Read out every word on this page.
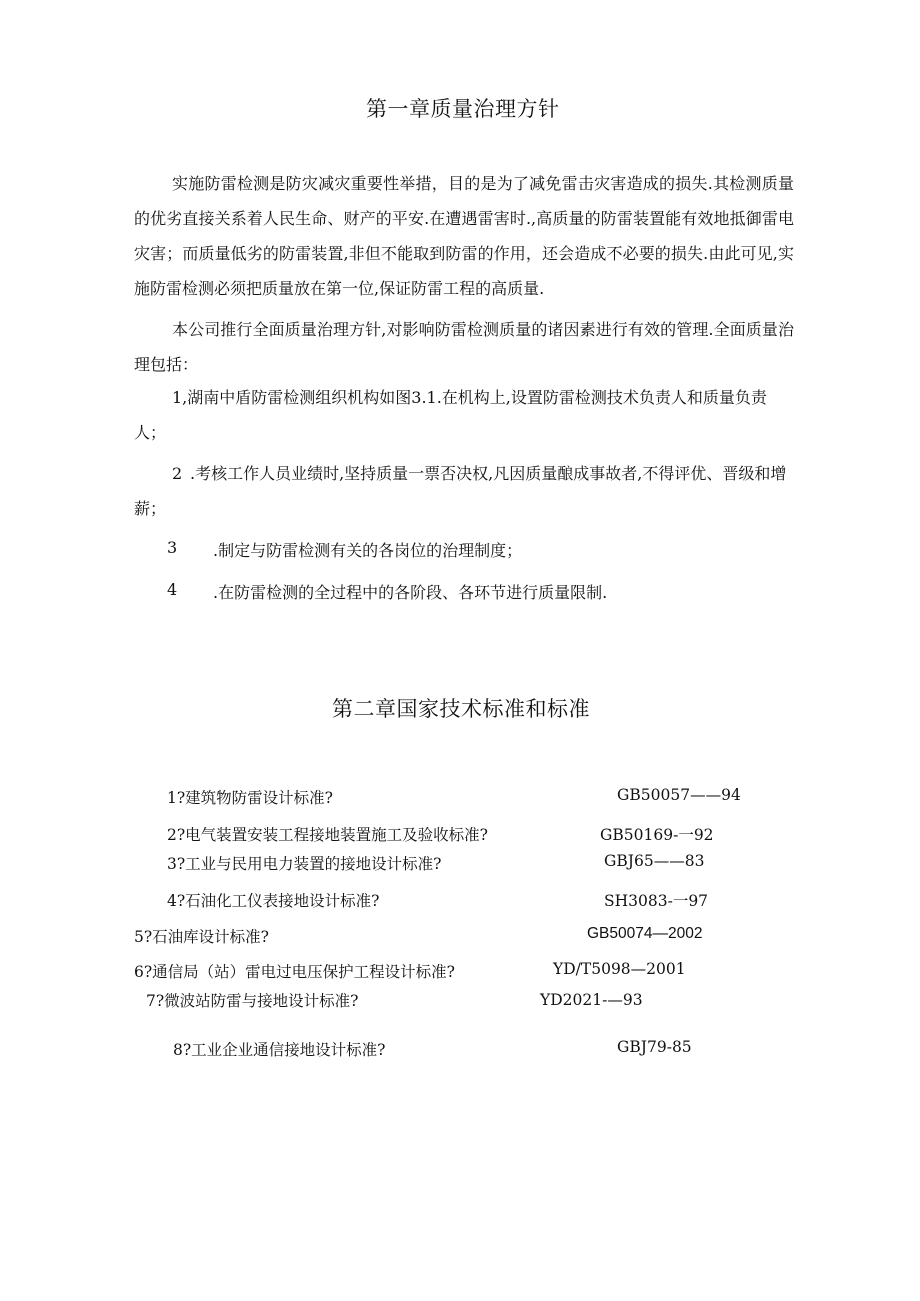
第一章质量治理方针
实施防雷检测是防灾减灾重要性举措，目的是为了减免雷击灾害造成的损失.其检测质量的优劣直接关系着人民生命、财产的平安.在遭遇雷害时.,高质量的防雷装置能有效地抵御雷电灾害；而质量低劣的防雷装置,非但不能取到防雷的作用，还会造成不必要的损失.由此可见,实施防雷检测必须把质量放在第一位,保证防雷工程的高质量.
本公司推行全面质量治理方针,对影响防雷检测质量的诸因素进行有效的管理.全面质量治理包括：
1,湖南中盾防雷检测组织机构如图3.1.在机构上,设置防雷检测技术负责人和质量负责人；
2 .考核工作人员业绩时,坚持质量一票否决权,凡因质量酿成事故者,不得评优、晋级和增薪；
3 .制定与防雷检测有关的各岗位的治理制度；
4 .在防雷检测的全过程中的各阶段、各环节进行质量限制.
第二章国家技术标准和标准
1?建筑物防雷设计标准?	GB50057——94
2?电气装置安装工程接地装置施工及验收标准?	GB50169-一92
3?工业与民用电力装置的接地设计标准?	GBJ65——83
4?石油化工仪表接地设计标准?	SH3083-一97
5?石油库设计标准?	GB50074—2002
6?通信局（站）雷电过电压保护工程设计标准?	YD/T5098—2001
7?微波站防雷与接地设计标准?	YD2021-—93
8?工业企业通信接地设计标准?	GBJ79-85
